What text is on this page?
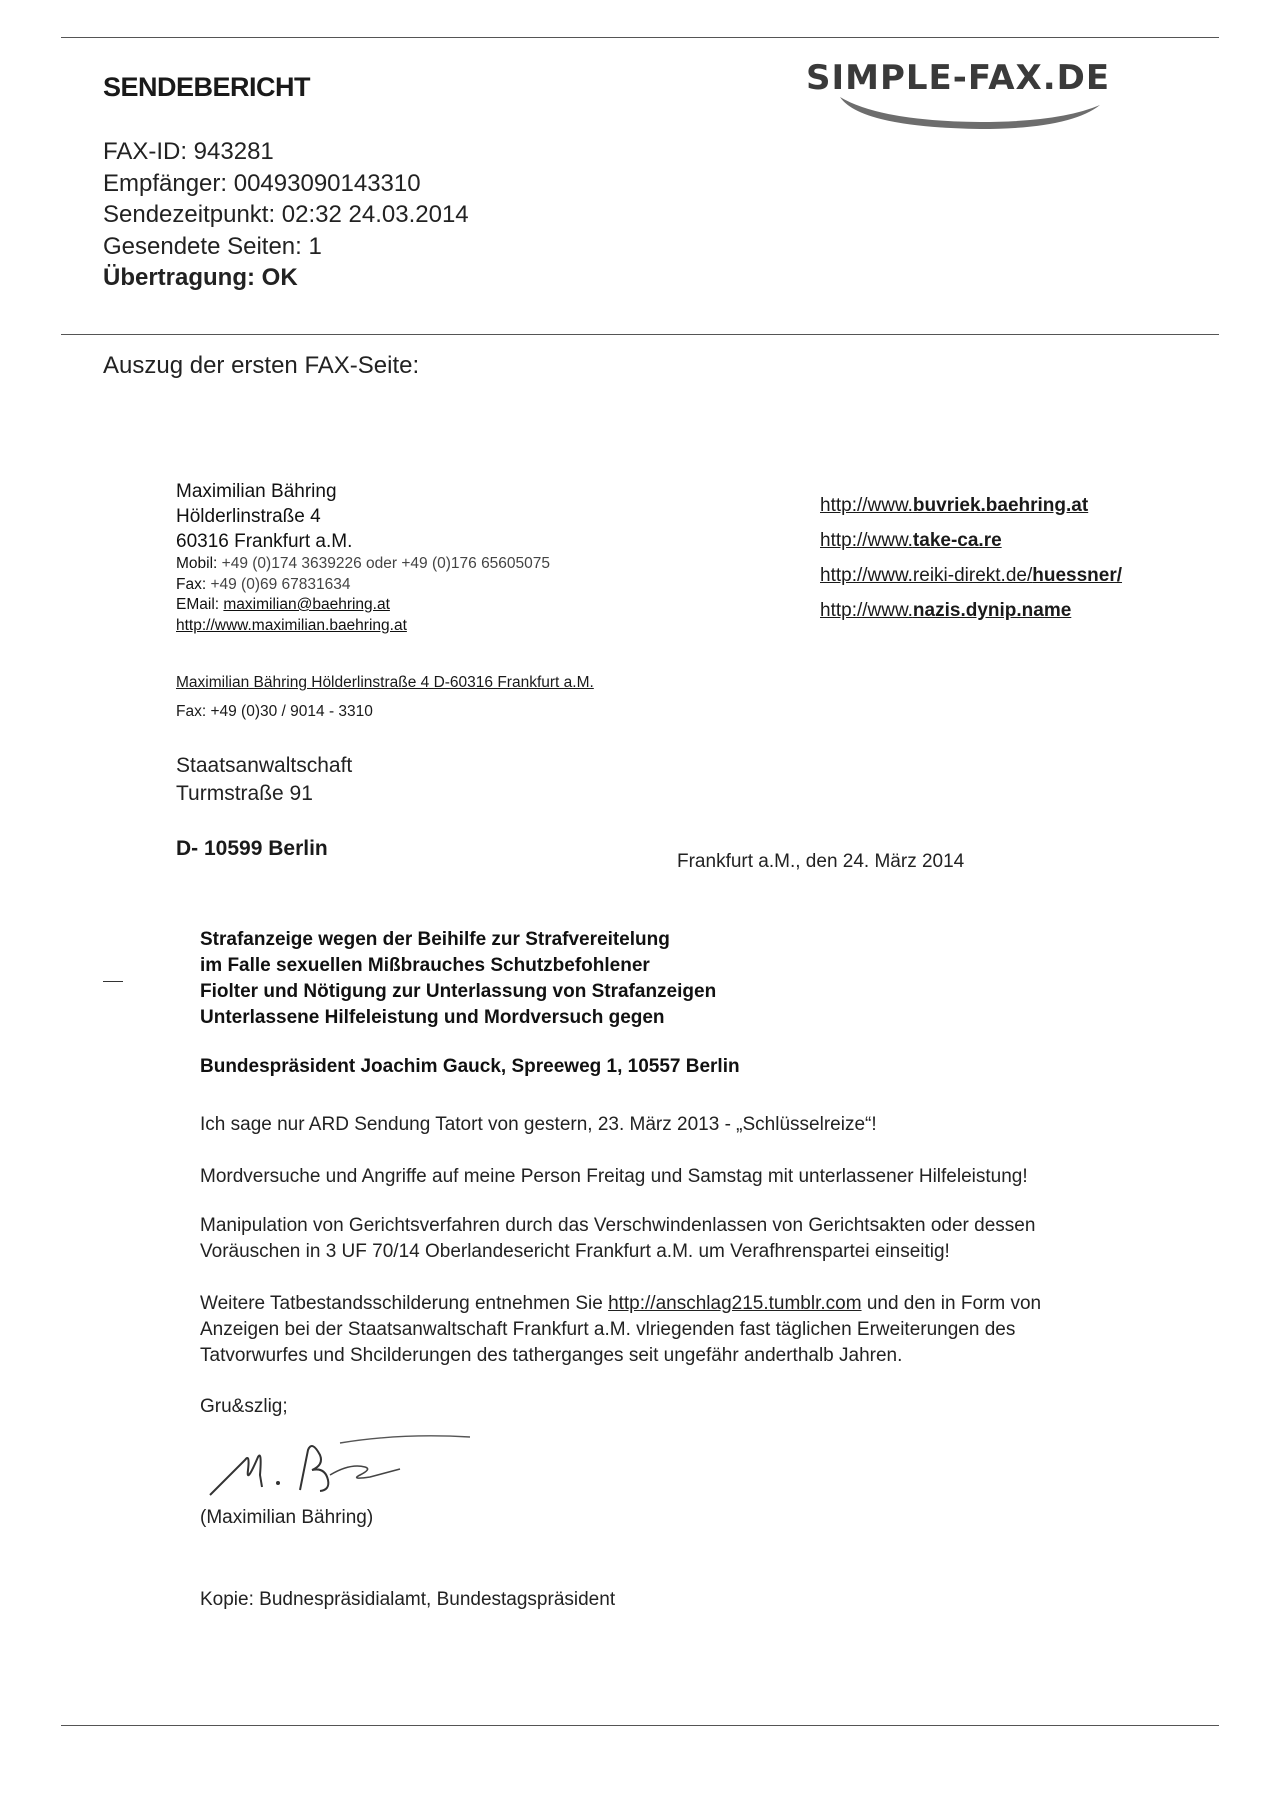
SENDEBERICHT	SIMPLE-FAX.DE
FAX-ID: 943281
Empfänger: 00493090143310
Sendezeitpunkt: 02:32 24.03.2014
Gesendete Seiten: 1
Übertragung: OK
Auszug der ersten FAX-Seite:
Maximilian Bähring
Hölderlinstraße 4
60316 Frankfurt a.M.
Mobil: +49 (0)174 3639226 oder +49 (0)176 65605075
Fax: +49 (0)69 67831634
EMail: maximilian@baehring.at
http://www.maximilian.baehring.at
http://www.buvriek.baehring.at
http://www.take-ca.re
http://www.reiki-direkt.de/huessner/
http://www.nazis.dynip.name
Maximilian Bähring Hölderlinstraße 4 D-60316 Frankfurt a.M.
Fax: +49 (0)30 / 9014 - 3310
Staatsanwaltschaft
Turmstraße 91
D- 10599 Berlin
Frankfurt a.M., den 24. März 2014
Strafanzeige wegen der Beihilfe zur Strafvereitelung
im Falle sexuellen Mißbrauches Schutzbefohlener
Fiolter und Nötigung zur Unterlassung von Strafanzeigen
Unterlassene Hilfeleistung und Mordversuch gegen
Bundespräsident Joachim Gauck, Spreeweg 1, 10557 Berlin
Ich sage nur ARD Sendung Tatort von gestern, 23. März 2013 - „Schlüsselreize“!
Mordversuche und Angriffe auf meine Person Freitag und Samstag mit unterlassener Hilfeleistung!

Manipulation von Gerichtsverfahren durch das Verschwindenlassen von Gerichtsakten oder dessen

Voräuschen in 3 UF 70/14 Oberlandesericht Frankfurt a.M. um Verafhrenspartei einseitig!

Weitere Tatbestandsschilderung entnehmen Sie http://anschlag215.tumblr.com und den in Form von

Anzeigen bei der Staatsanwaltschaft Frankfurt a.M. vlriegenden fast täglichen Erweiterungen des

Tatvorwurfes und Shcilderungen des tatherganges seit ungefähr anderthalb Jahren.

Gru&szlig;
(Maximilian Bähring)
Kopie: Budnespräsidialamt, Bundestagspräsident
